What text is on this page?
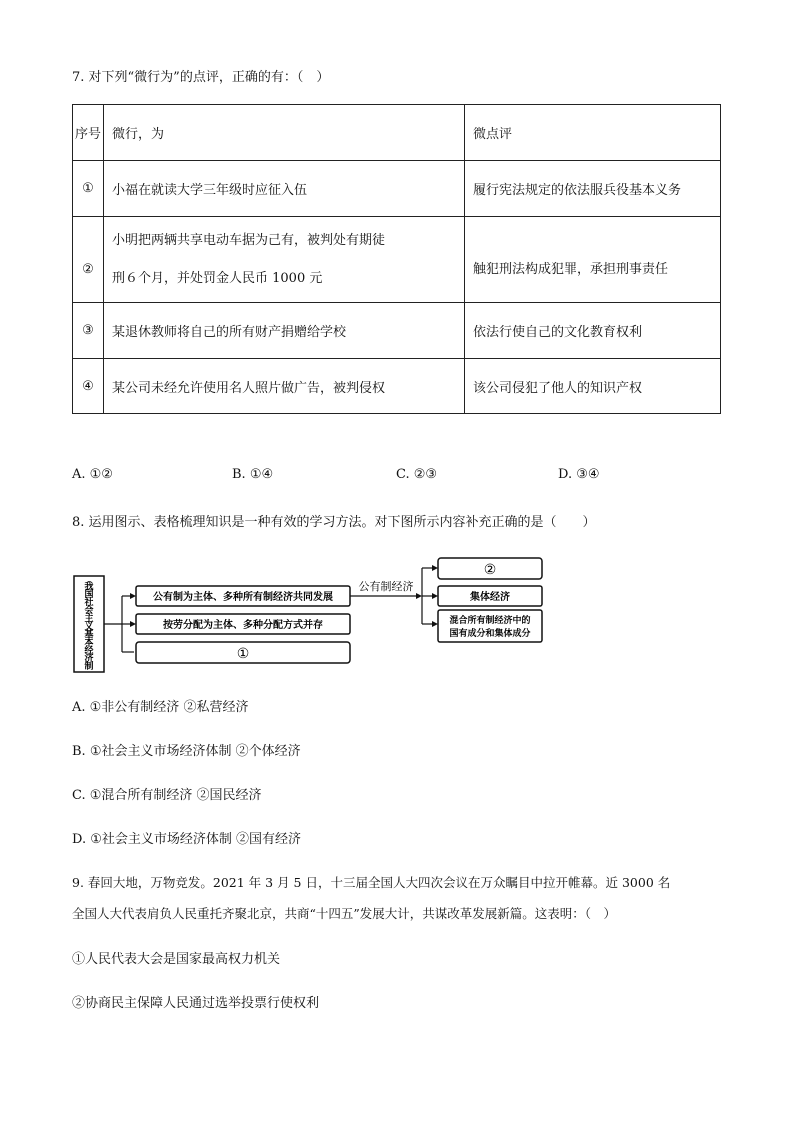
7. 对下列“微行为”的点评，正确的有：（　）
序号	微行，为	微点评
①	小福在就读大学三年级时应征入伍	履行宪法规定的依法服兵役基本义务
②	小明把两辆共享电动车据为己有，被判处有期徒
刑６个月，并处罚金人民币 1000 元	触犯刑法构成犯罪，承担刑事责任
③	某退休教师将自己的所有财产捐赠给学校	依法行使自己的文化教育权利
④	某公司未经允许使用名人照片做广告，被判侵权	该公司侵犯了他人的知识产权
A. ①②	B. ①④	C. ②③	D. ③④
8. 运用图示、表格梳理知识是一种有效的学习方法。对下图所示内容补充正确的是（　　）
我
国
社
会
主
义
基
本
经
济
制
公有制为主体、多种所有制经济共同发展
按劳分配为主体、多种分配方式并存
①
公有制经济
②
集体经济
混合所有制经济中的
国有成分和集体成分
A. ①非公有制经济 ②私营经济
B. ①社会主义市场经济体制 ②个体经济
C. ①混合所有制经济 ②国民经济
D. ①社会主义市场经济体制 ②国有经济
9. 春回大地，万物竞发。2021 年 3 月 5 日，十三届全国人大四次会议在万众瞩目中拉开帷幕。近 3000 名
全国人大代表肩负人民重托齐聚北京，共商“十四五”发展大计，共谋改革发展新篇。这表明：（　）
①人民代表大会是国家最高权力机关
②协商民主保障人民通过选举投票行使权利
